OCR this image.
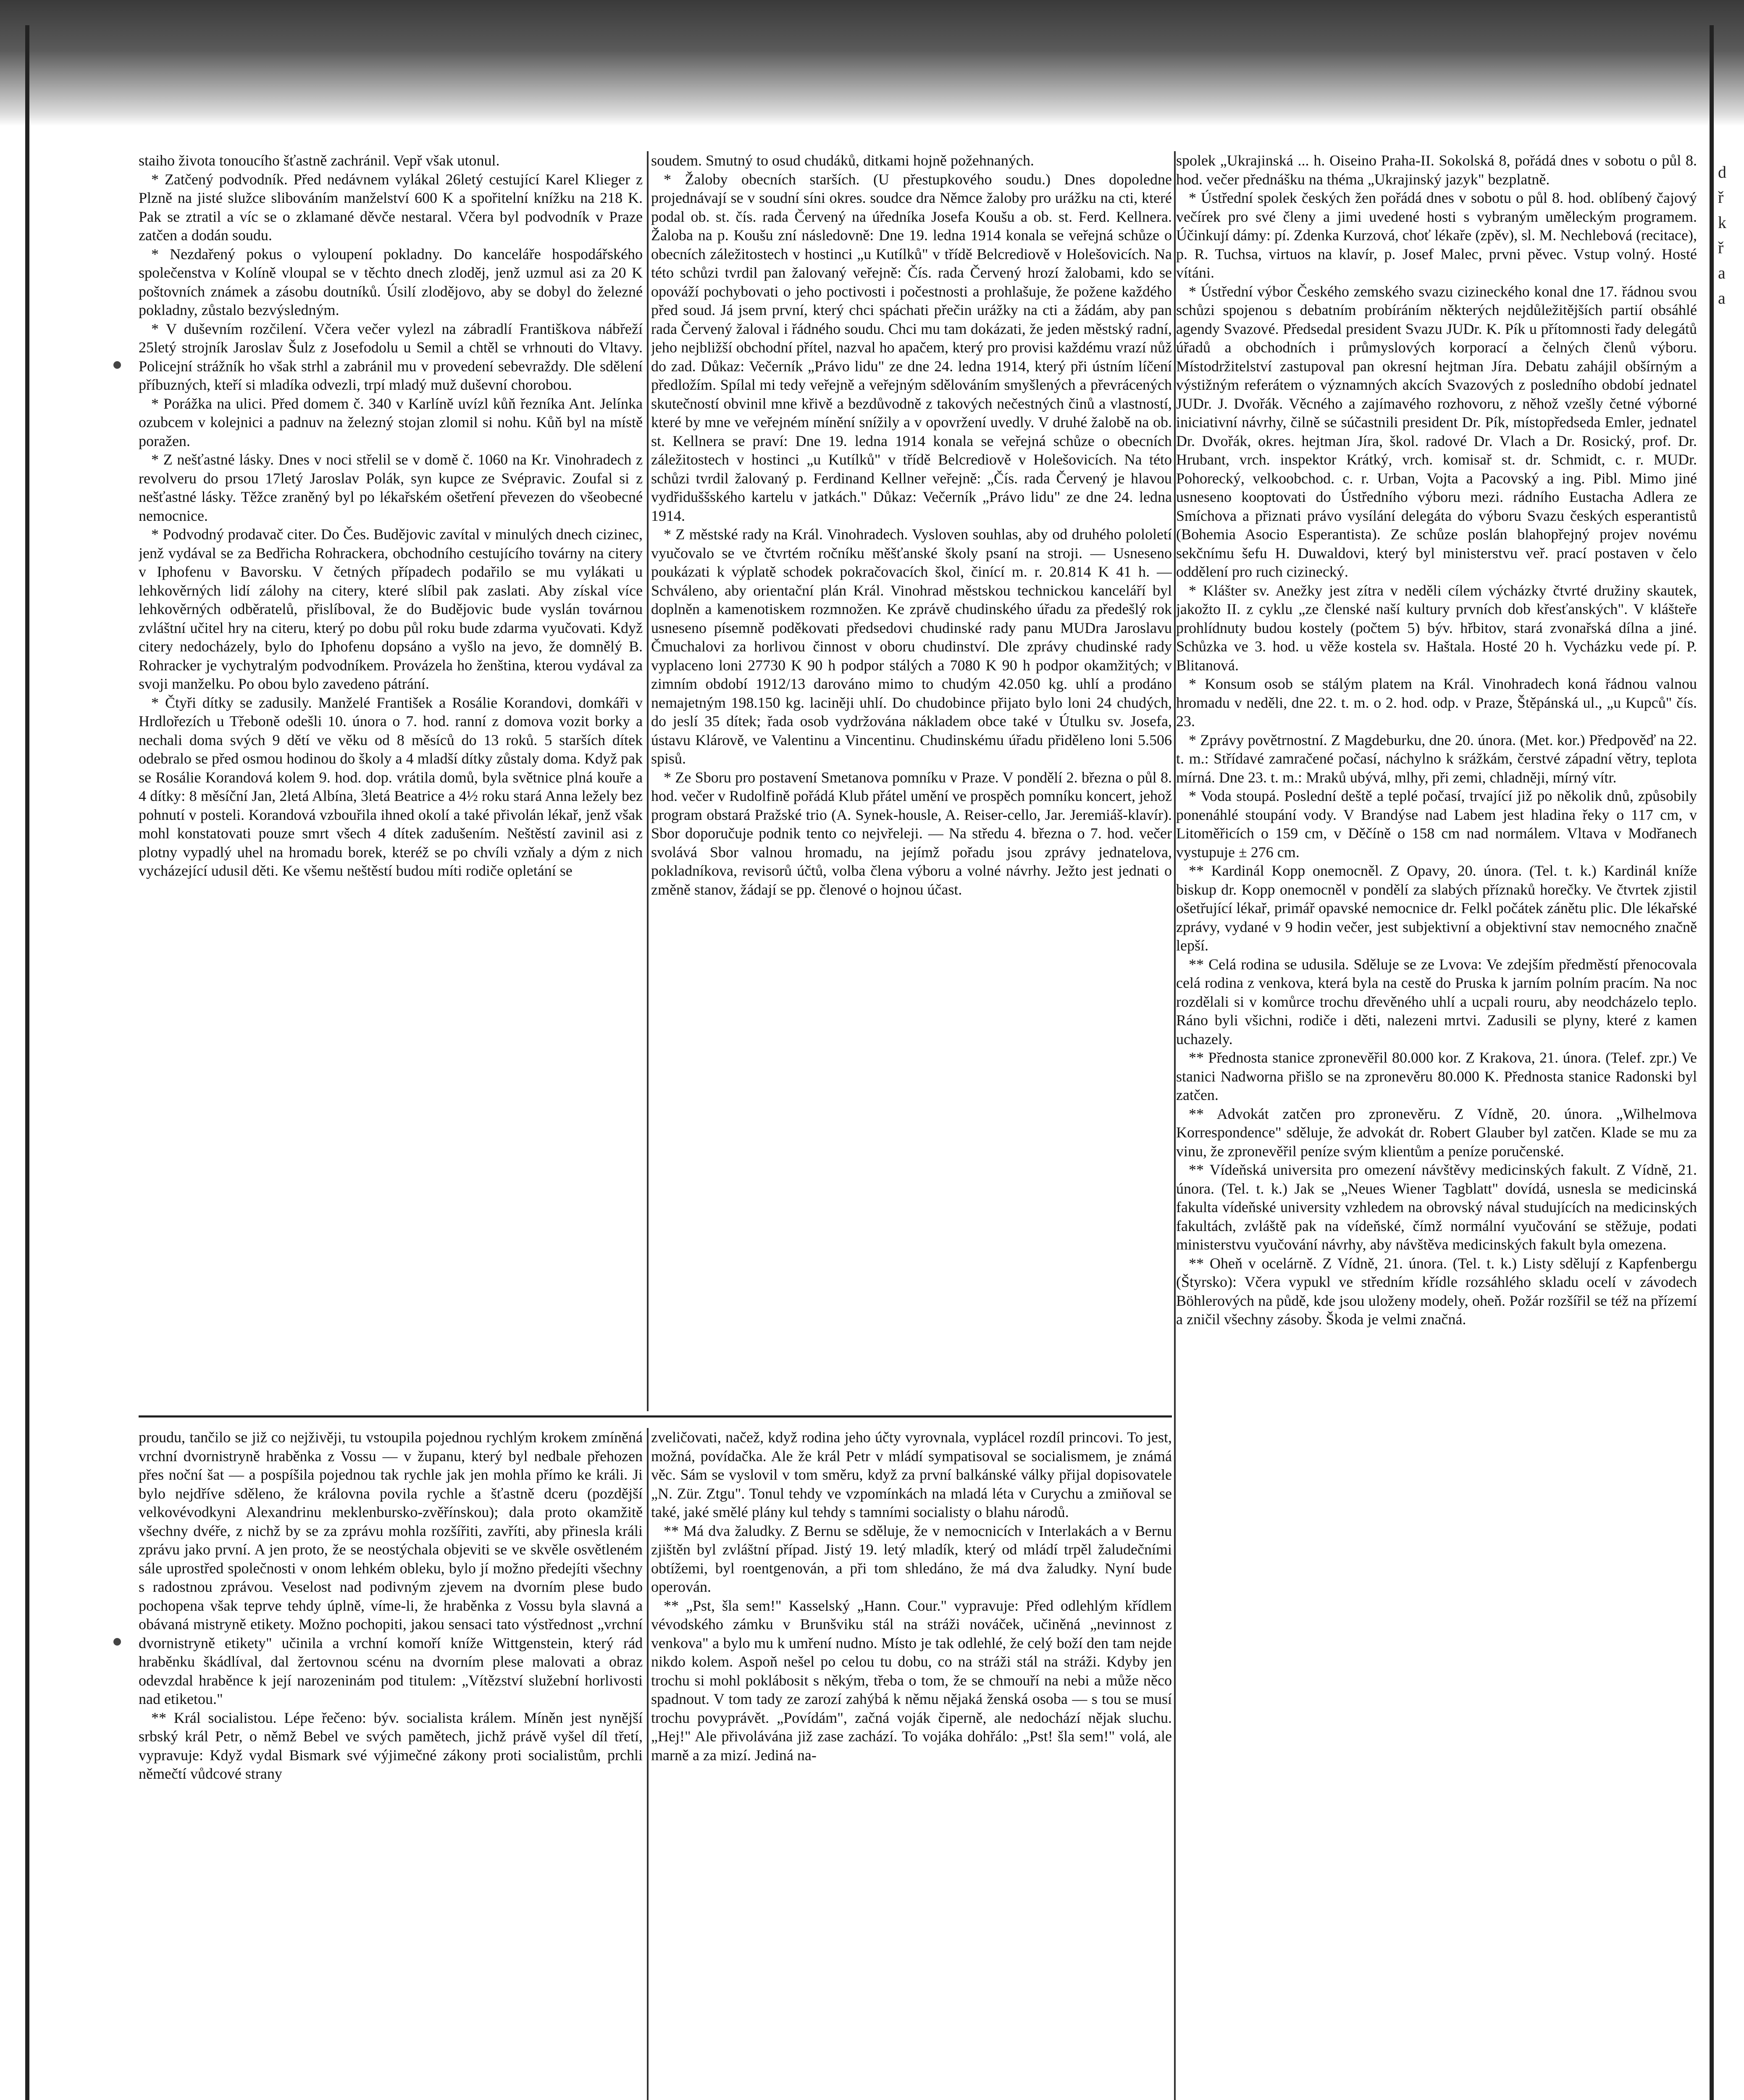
staiho života tonoucího šťastně zachránil. Vepř však utonul.

* Zatčený podvodník. Před nedávnem vylákal 26letý cestující Karel Klieger z Plzně na jisté služce slibováním manželství 600 K a spořitelní knížku na 218 K. Pak se ztratil a víc se o zklamané děvče nestaral. Včera byl podvodník v Praze zatčen a dodán soudu.

* Nezdařený pokus o vyloupení pokladny. Do kanceláře hospodářského společenstva v Kolíně vloupal se v těchto dnech zloděj, jenž uzmul asi za 20 K poštovních známek a zásobu doutníků. Úsilí zlodějovo, aby se dobyl do železné pokladny, zůstalo bezvýsledným.

* V duševním rozčilení. Včera večer vylezl na zábradlí Františkova nábřeží 25letý strojník Jaroslav Šulz z Josefodolu u Semil a chtěl se vrhnouti do Vltavy. Policejní strážník ho však strhl a zabránil mu v provedení sebevraždy. Dle sdělení příbuzných, kteří si mladíka odvezli, trpí mladý muž duševní chorobou.

* Porážka na ulici. Před domem č. 340 v Karlíně uvízl kůň řezníka Ant. Jelínka ozubcem v kolejnici a padnuv na železný stojan zlomil si nohu. Kůň byl na místě poražen.

* Z nešťastné lásky. Dnes v noci střelil se v domě č. 1060 na Kr. Vinohradech z revolveru do prsou 17letý Jaroslav Polák, syn kupce ze Svépravic. Zoufal si z nešťastné lásky. Těžce zraněný byl po lékařském ošetření převezen do všeobecné nemocnice.

* Podvodný prodavač citer. Do Čes. Budějovic zavítal v minulých dnech cizinec, jenž vydával se za Bedřicha Rohrackera, obchodního cestujícího továrny na citery v Iphofenu v Bavorsku. V četných případech podařilo se mu vylákati u lehkověrných lidí zálohy na citery, které slíbil pak zaslati. Aby získal více lehkověrných odběratelů, přislíboval, že do Budějovic bude vyslán továrnou zvláštní učitel hry na citeru, který po dobu půl roku bude zdarma vyučovati. Když citery nedocházely, bylo do Iphofenu dopsáno a vyšlo na jevo, že domnělý B. Rohracker je vychytralým podvodníkem. Provázela ho ženština, kterou vydával za svoji manželku. Po obou bylo zavedeno pátrání.

* Čtyři dítky se zadusily. Manželé František a Rosálie Korandovi, domkáři v Hrdlořezích u Třeboně odešli 10. února o 7. hod. ranní z domova vozit borky a nechali doma svých 9 dětí ve věku od 8 měsíců do 13 roků. 5 starších dítek odebralo se před osmou hodinou do školy a 4 mladší dítky zůstaly doma. Když pak se Rosálie Korandová kolem 9. hod. dop. vrátila domů, byla světnice plná kouře a 4 dítky: 8 měsíční Jan, 2letá Albína, 3letá Beatrice a 4½ roku stará Anna ležely bez pohnutí v posteli. Korandová vzbouřila ihned okolí a také přivolán lékař, jenž však mohl konstatovati pouze smrt všech 4 dítek zadušením. Neštěstí zavinil asi z plotny vypadlý uhel na hromadu borek, kteréž se po chvíli vzňaly a dým z nich vycházející udusil děti. Ke všemu neštěstí budou míti rodiče opletání se

soudem. Smutný to osud chudáků, ditkami hojně požehnaných.

* Žaloby obecních starších. (U přestupkového soudu.) Dnes dopoledne projednávají se v soudní síni okres. soudce dra Němce žaloby pro urážku na cti, které podal ob. st. čís. rada Červený na úředníka Josefa Koušu a ob. st. Ferd. Kellnera. Žaloba na p. Koušu zní následovně: Dne 19. ledna 1914 konala se veřejná schůze o obecních záležitostech v hostinci „u Kutílků" v třídě Belcrediově v Holešovicích. Na této schůzi tvrdil pan žalovaný veřejně: Čís. rada Červený hrozí žalobami, kdo se opováží pochybovati o jeho poctivosti i počestnosti a prohlašuje, že požene každého před soud. Já jsem první, který chci spáchati přečin urážky na cti a žádám, aby pan rada Červený žaloval i řádného soudu. Chci mu tam dokázati, že jeden městský radní, jeho nejbližší obchodní přítel, nazval ho apačem, který pro provisi každému vrazí nůž do zad. Důkaz: Večerník „Právo lidu" ze dne 24. ledna 1914, který při ústním líčení předložím. Spílal mi tedy veřejně a veřejným sdělováním smyšlených a převrácených skutečností obvinil mne křivě a bezdůvodně z takových nečestných činů a vlastností, které by mne ve veřejném mínění snížily a v opovržení uvedly. V druhé žalobě na ob. st. Kellnera se praví: Dne 19. ledna 1914 konala se veřejná schůze o obecních záležitostech v hostinci „u Kutílků" v třídě Belcrediově v Holešovicích. Na této schůzi tvrdil žalovaný p. Ferdinand Kellner veřejně: „Čís. rada Červený je hlavou vydřiduššského kartelu v jatkách." Důkaz: Večerník „Právo lidu" ze dne 24. ledna 1914.

* Z městské rady na Král. Vinohradech. Vysloven souhlas, aby od druhého pololetí vyučovalo se ve čtvrtém ročníku měšťanské školy psaní na stroji. — Usneseno poukázati k výplatě schodek pokračovacích škol, činící m. r. 20.814 K 41 h. — Schváleno, aby orientační plán Král. Vinohrad městskou technickou kanceláří byl doplněn a kamenotiskem rozmnožen. Ke zprávě chudinského úřadu za předešlý rok usneseno písemně poděkovati předsedovi chudinské rady panu MUDra Jaroslavu Čmuchalovi za horlivou činnost v oboru chudinství. Dle zprávy chudinské rady vyplaceno loni 27730 K 90 h podpor stálých a 7080 K 90 h podpor okamžitých; v zimním období 1912/13 darováno mimo to chudým 42.050 kg. uhlí a prodáno nemajetným 198.150 kg. laciněji uhlí. Do chudobince přijato bylo loni 24 chudých, do jeslí 35 dítek; řada osob vydržována nákladem obce také v Útulku sv. Josefa, ústavu Klárově, ve Valentinu a Vincentinu. Chudinskému úřadu přiděleno loni 5.506 spisů.

* Ze Sboru pro postavení Smetanova pomníku v Praze. V pondělí 2. března o půl 8. hod. večer v Rudolfině pořádá Klub přátel umění ve prospěch pomníku koncert, jehož program obstará Pražské trio (A. Synek-housle, A. Reiser-cello, Jar. Jeremiáš-klavír). Sbor doporučuje podnik tento co nejvřeleji. — Na středu 4. března o 7. hod. večer svolává Sbor valnou hromadu, na jejímž pořadu jsou zprávy jednatelova, pokladníkova, revisorů účtů, volba člena výboru a volné návrhy. Ježto jest jednati o změně stanov, žádají se pp. členové o hojnou účast.

spolek „Ukrajinská ... h. Oiseino Praha-II. Sokolská 8, pořádá dnes v sobotu o půl 8. hod. večer přednášku na théma „Ukrajinský jazyk" bezplatně.

* Ústřední spolek českých žen pořádá dnes v sobotu o půl 8. hod. oblíbený čajový večírek pro své členy a jimi uvedené hosti s vybraným uměleckým programem. Účinkují dámy: pí. Zdenka Kurzová, choť lékaře (zpěv), sl. M. Nechlebová (recitace), p. R. Tuchsa, virtuos na klavír, p. Josef Malec, prvni pěvec. Vstup volný. Hosté vítáni.

* Ústřední výbor Českého zemského svazu cizineckého konal dne 17. řádnou svou schůzi spojenou s debatním probíráním některých nejdůležitějších partií obsáhlé agendy Svazové. Předsedal president Svazu JUDr. K. Pík u přítomnosti řady delegátů úřadů a obchodních i průmyslových korporací a čelných členů výboru. Místodržitelství zastupoval pan okresní hejtman Jíra. Debatu zahájil obšírným a výstižným referátem o významných akcích Svazových z posledního období jednatel JUDr. J. Dvořák. Věcného a zajímavého rozhovoru, z něhož vzešly četné výborné iniciativní návrhy, čilně se súčastnili president Dr. Pík, místopředseda Emler, jednatel Dr. Dvořák, okres. hejtman Jíra, škol. radové Dr. Vlach a Dr. Rosický, prof. Dr. Hrubant, vrch. inspektor Krátký, vrch. komisař st. dr. Schmidt, c. r. MUDr. Pohorecký, velkoobchod. c. r. Urban, Vojta a Pacovský a ing. Pibl. Mimo jiné usneseno kooptovati do Ústředního výboru mezi. rádního Eustacha Adlera ze Smíchova a přiznati právo vysílání delegáta do výboru Svazu českých esperantistů (Bohemia Asocio Esperantista). Ze schůze poslán blahopřejný projev novému sekčnímu šefu H. Duwaldovi, který byl ministerstvu veř. prací postaven v čelo oddělení pro ruch cizinecký.

* Klášter sv. Anežky jest zítra v neděli cílem výcházky čtvrté družiny skautek, jakožto II. z cyklu „ze členské naší kultury prvních dob křesťanských". V klášteře prohlídnuty budou kostely (počtem 5) býv. hřbitov, stará zvonařská dílna a jiné. Schůzka ve 3. hod. u věže kostela sv. Haštala. Hosté 20 h. Vycházku vede pí. P. Blitanová.

* Konsum osob se stálým platem na Král. Vinohradech koná řádnou valnou hromadu v neděli, dne 22. t. m. o 2. hod. odp. v Praze, Štěpánská ul., „u Kupců" čís. 23.

* Zprávy povětrnostní. Z Magdeburku, dne 20. února. (Met. kor.) Předpověď na 22. t. m.: Střídavé zamračené počasí, náchylno k srážkám, čerstvé západní větry, teplota mírná. Dne 23. t. m.: Mraků ubývá, mlhy, při zemi, chladněji, mírný vítr.

* Voda stoupá. Poslední deště a teplé počasí, trvající již po několik dnů, způsobily ponenáhlé stoupání vody. V Brandýse nad Labem jest hladina řeky o 117 cm, v Litoměřicích o 159 cm, v Děčíně o 158 cm nad normálem. Vltava v Modřanech vystupuje ± 276 cm.

** Kardinál Kopp onemocněl. Z Opavy, 20. února. (Tel. t. k.) Kardinál kníže biskup dr. Kopp onemocněl v pondělí za slabých příznaků horečky. Ve čtvrtek zjistil ošetřující lékař, primář opavské nemocnice dr. Felkl počátek zánětu plic. Dle lékařské zprávy, vydané v 9 hodin večer, jest subjektivní a objektivní stav nemocného značně lepší.

** Celá rodina se udusila. Sděluje se ze Lvova: Ve zdejším předměstí přenocovala celá rodina z venkova, která byla na cestě do Pruska k jarním polním pracím. Na noc rozdělali si v komůrce trochu dřevěného uhlí a ucpali rouru, aby neodcházelo teplo. Ráno byli všichni, rodiče i děti, nalezeni mrtvi. Zadusili se plyny, které z kamen uchazely.

** Přednosta stanice zpronevěřil 80.000 kor. Z Krakova, 21. února. (Telef. zpr.) Ve stanici Nadworna přišlo se na zpronevěru 80.000 K. Přednosta stanice Radonski byl zatčen.

** Advokát zatčen pro zpronevěru. Z Vídně, 20. února. „Wilhelmova Korrespondence" sděluje, že advokát dr. Robert Glauber byl zatčen. Klade se mu za vinu, že zpronevěřil peníze svým klientům a peníze poručenské.

** Vídeňská universita pro omezení návštěvy medicinských fakult. Z Vídně, 21. února. (Tel. t. k.) Jak se „Neues Wiener Tagblatt" dovídá, usnesla se medicinská fakulta vídeňské university vzhledem na obrovský nával studujících na medicinských fakultách, zvláště pak na vídeňské, čímž normální vyučování se stěžuje, podati ministerstvu vyučování návrhy, aby návštěva medicinských fakult byla omezena.

** Oheň v ocelárně. Z Vídně, 21. února. (Tel. t. k.) Listy sdělují z Kapfenbergu (Štyrsko): Včera vypukl ve středním křídle rozsáhlého skladu ocelí v závodech Böhlerových na půdě, kde jsou uloženy modely, oheň. Požár rozšířil se též na přízemí a zničil všechny zásoby. Škoda je velmi značná.

proudu, tančilo se již co nejživěji, tu vstoupila pojednou rychlým krokem zmíněná vrchní dvornistryně hraběnka z Vossu — v županu, který byl nedbale přehozen přes noční šat — a pospíšila pojednou tak rychle jak jen mohla přímo ke králi. Ji bylo nejdříve sděleno, že královna povila rychle a šťastně dceru (pozdější velkovévodkyni Alexandrinu meklenbursko-zvěřínskou); dala proto okamžitě všechny dvéře, z nichž by se za zprávu mohla rozšířiti, zavříti, aby přinesla králi zprávu jako první. A jen proto, že se neostýchala objeviti se ve skvěle osvětleném sále uprostřed společnosti v onom lehkém obleku, bylo jí možno předejíti všechny s radostnou zprávou. Veselost nad podivným zjevem na dvorním plese budo pochopena však teprve tehdy úplně, víme-li, že hraběnka z Vossu byla slavná a obávaná mistryně etikety. Možno pochopiti, jakou sensaci tato výstřednost „vrchní dvornistryně etikety" učinila a vrchní komoří kníže Wittgenstein, který rád hraběnku škádlíval, dal žertovnou scénu na dvorním plese malovati a obraz odevzdal hraběnce k její narozeninám pod titulem: „Vítězství služební horlivosti nad etiketou."

** Král socialistou. Lépe řečeno: býv. socialista králem. Míněn jest nynější srbský král Petr, o němž Bebel ve svých pamětech, jichž právě vyšel díl třetí, vypravuje: Když vydal Bismark své výjimečné zákony proti socialistům, prchli němečtí vůdcové strany

zveličovati, načež, když rodina jeho účty vyrovnala, vyplácel rozdíl princovi. To jest, možná, povídačka. Ale že král Petr v mládí sympatisoval se socialismem, je známá věc. Sám se vyslovil v tom směru, když za první balkánské války přijal dopisovatele „N. Zür. Ztgu". Tonul tehdy ve vzpomínkách na mladá léta v Curychu a zmiňoval se také, jaké smělé plány kul tehdy s tamními socialisty o blahu národů.

** Má dva žaludky. Z Bernu se sděluje, že v nemocnicích v Interlakách a v Bernu zjištěn byl zvláštní případ. Jistý 19. letý mladík, který od mládí trpěl žaludečními obtížemi, byl roentgenován, a při tom shledáno, že má dva žaludky. Nyní bude operován.

** „Pst, šla sem!" Kasselský „Hann. Cour." vypravuje: Před odlehlým křídlem vévodského zámku v Brunšviku stál na stráži nováček, učiněná „nevinnost z venkova" a bylo mu k umření nudno. Místo je tak odlehlé, že celý boží den tam nejde nikdo kolem. Aspoň nešel po celou tu dobu, co na stráži stál na stráži. Kdyby jen trochu si mohl poklábosit s někým, třeba o tom, že se chmouří na nebi a může něco spadnout. V tom tady ze zarozí zahýbá k němu nějaká ženská osoba — s tou se musí trochu povyprávět. „Povídám", začná voják čiperně, ale nedochází nějak sluchu. „Hej!" Ale přivolávána již zase zachází. To vojáka dohřálo: „Pst! šla sem!" volá, ale marně a za mizí. Jediná na-

d
ř
k
ř
a
a
